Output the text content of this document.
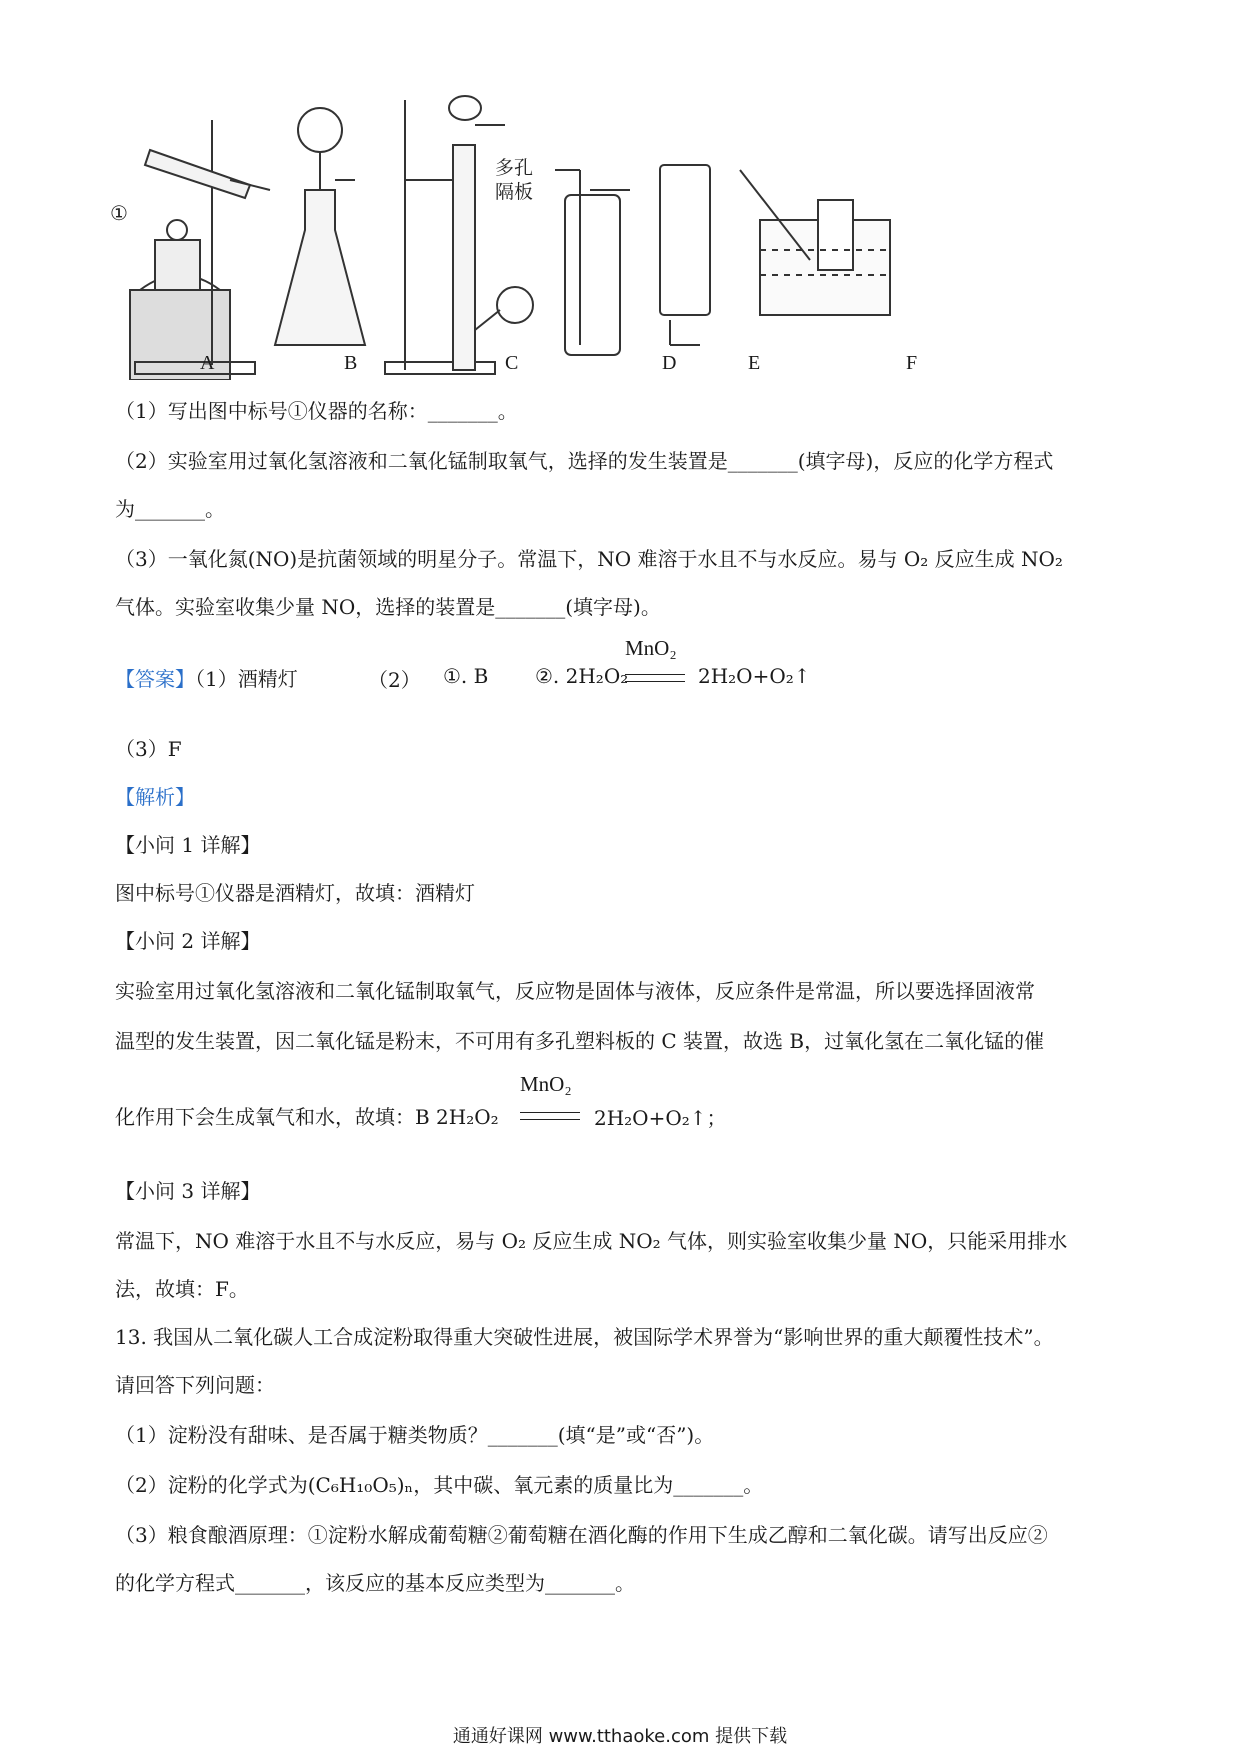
①
多孔
隔板
A	B	C	D	E	F
（1）写出图中标号①仪器的名称：_______。
（2）实验室用过氧化氢溶液和二氧化锰制取氧气，选择的发生装置是_______(填字母)，反应的化学方程式
为_______。
（3）一氧化氮(NO)是抗菌领域的明星分子。常温下，NO 难溶于水且不与水反应。易与 O₂ 反应生成 NO₂
气体。实验室收集少量 NO，选择的装置是_______(填字母)。
【答案】（1）酒精灯	（2） ①. B ②. 2H₂O₂
MnO₂
2H₂O+O₂↑
（3）F
【解析】
【小问 1 详解】
图中标号①仪器是酒精灯，故填：酒精灯
【小问 2 详解】
实验室用过氧化氢溶液和二氧化锰制取氧气，反应物是固体与液体，反应条件是常温，所以要选择固液常
温型的发生装置，因二氧化锰是粉末，不可用有多孔塑料板的 C 装置，故选 B，过氧化氢在二氧化锰的催
化作用下会生成氧气和水，故填：B 2H₂O₂
MnO₂
2H₂O+O₂↑；
【小问 3 详解】
常温下，NO 难溶于水且不与水反应，易与 O₂ 反应生成 NO₂ 气体，则实验室收集少量 NO，只能采用排水
法，故填：F。
13. 我国从二氧化碳人工合成淀粉取得重大突破性进展，被国际学术界誉为“影响世界的重大颠覆性技术”。
请回答下列问题：
（1）淀粉没有甜味、是否属于糖类物质？_______(填“是”或“否”)。
（2）淀粉的化学式为(C₆H₁₀O₅)ₙ，其中碳、氧元素的质量比为_______。
（3）粮食酿酒原理：①淀粉水解成葡萄糖②葡萄糖在酒化酶的作用下生成乙醇和二氧化碳。请写出反应②
的化学方程式_______，该反应的基本反应类型为_______。
通通好课网 www.tthaoke.com 提供下载
